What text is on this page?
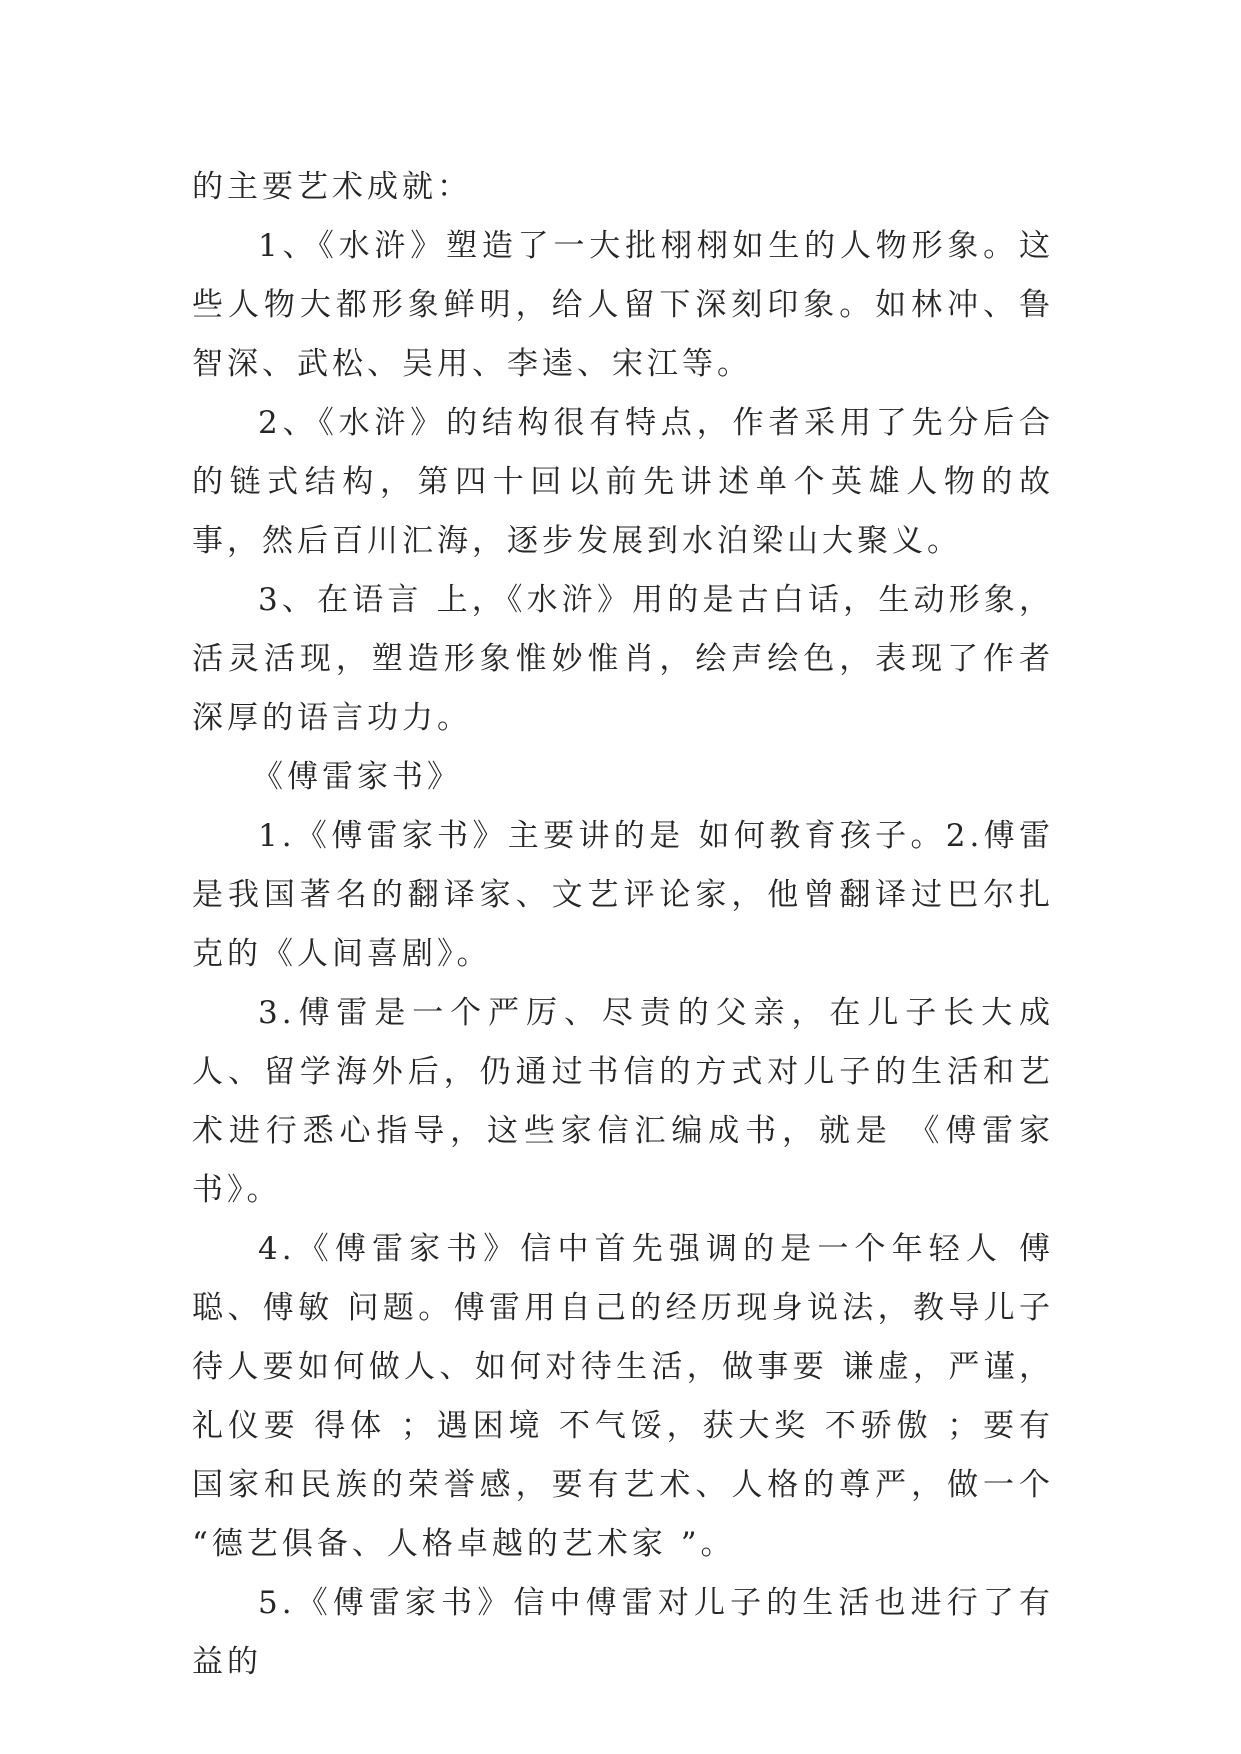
的主要艺术成就：

1、《水浒》塑造了一大批栩栩如生的人物形象。这些人物大都形象鲜明，给人留下深刻印象。如林冲、鲁智深、武松、吴用、李逵、宋江等。

2、《水浒》的结构很有特点，作者采用了先分后合的链式结构，第四十回以前先讲述单个英雄人物的故事，然后百川汇海，逐步发展到水泊梁山大聚义。

3、在语言 上，《水浒》用的是古白话，生动形象，活灵活现，塑造形象惟妙惟肖，绘声绘色，表现了作者深厚的语言功力。

《傅雷家书》

1.《傅雷家书》主要讲的是 如何教育孩子。2.傅雷是我国著名的翻译家、文艺评论家，他曾翻译过巴尔扎克的《人间喜剧》。

3.傅雷是一个严厉、尽责的父亲，在儿子长大成人、留学海外后，仍通过书信的方式对儿子的生活和艺术进行悉心指导，这些家信汇编成书，就是 《傅雷家书》。

4.《傅雷家书》信中首先强调的是一个年轻人 傅聪、傅敏 问题。傅雷用自己的经历现身说法，教导儿子待人要如何做人、如何对待生活，做事要 谦虚，严谨，礼仪要 得体 ；遇困境 不气馁，获大奖 不骄傲 ；要有国家和民族的荣誉感，要有艺术、人格的尊严，做一个 “德艺俱备、人格卓越的艺术家 ”。

5.《傅雷家书》信中傅雷对儿子的生活也进行了有益的
